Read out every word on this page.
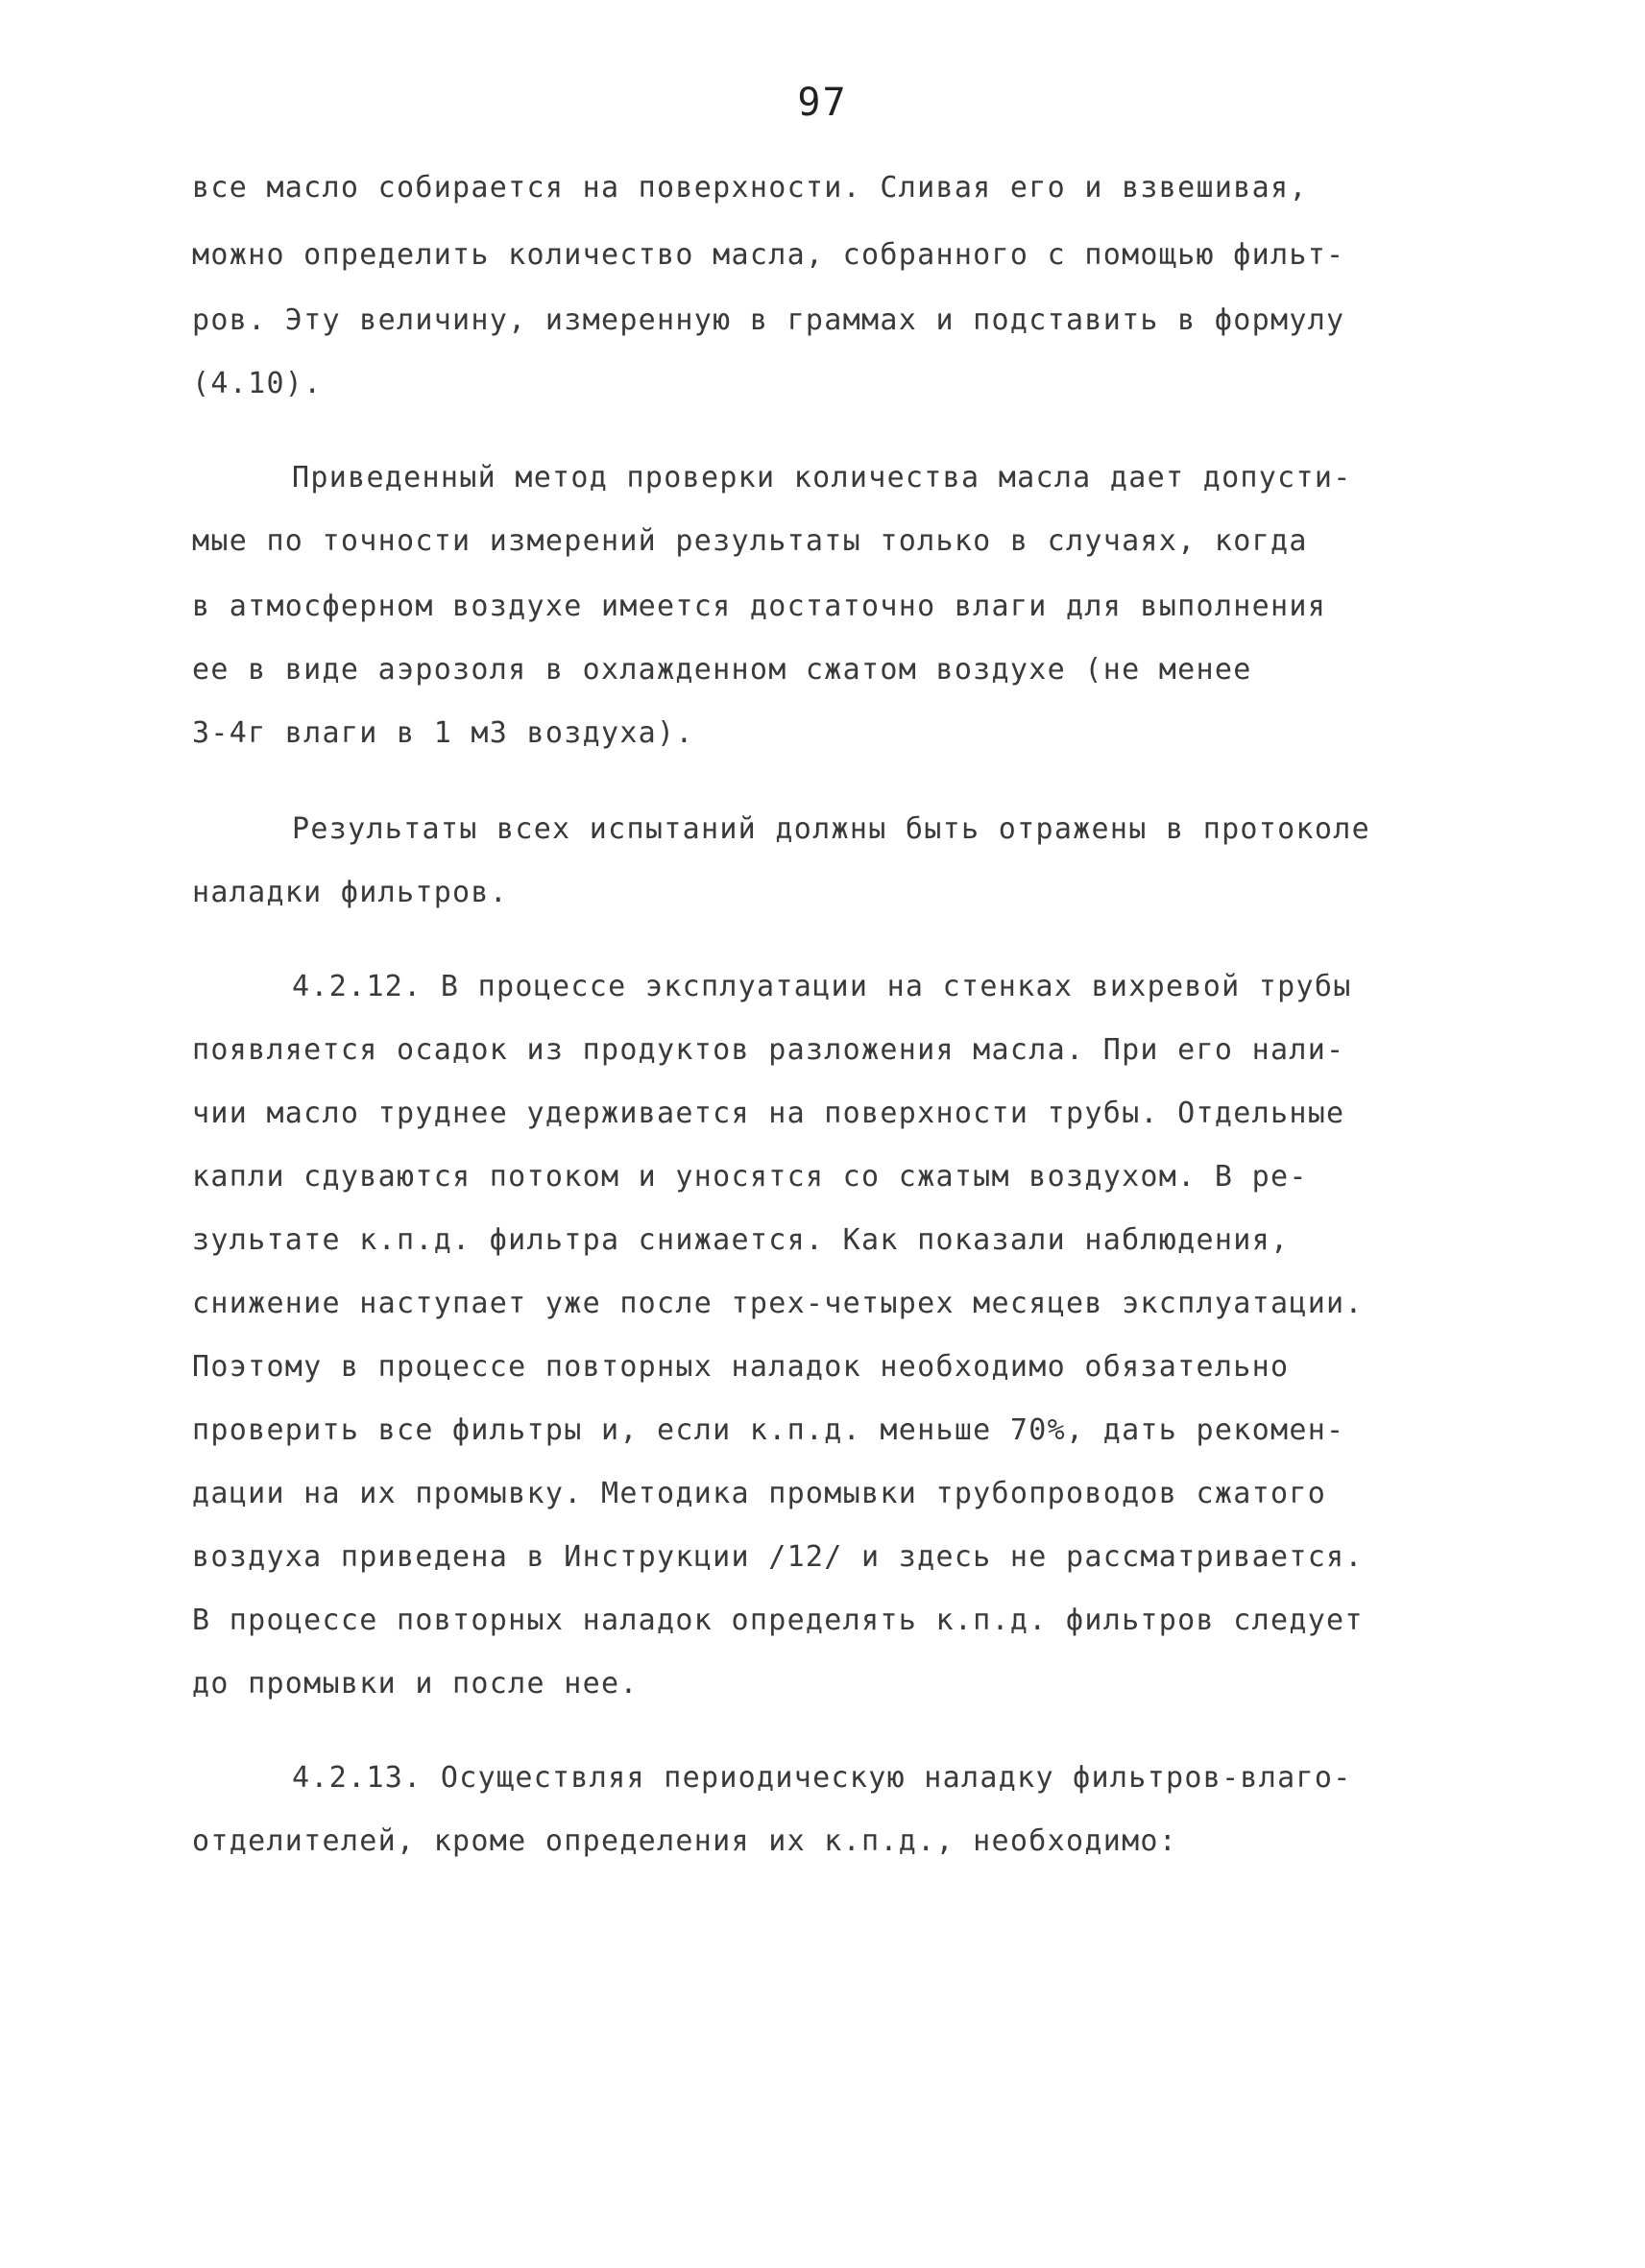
97
все масло собирается на поверхности. Сливая его и взвешивая,
можно определить количество масла, собранного с помощью фильт-
ров. Эту величину, измеренную в граммах и подставить в формулу
(4.10).
Приведенный метод проверки количества масла дает допусти-
мые по точности измерений результаты только в случаях, когда
в атмосферном воздухе имеется достаточно влаги для выполнения
ее в виде аэрозоля в охлажденном сжатом воздухе (не менее
3-4г влаги в 1 м3 воздуха).
Результаты всех испытаний должны быть отражены в протоколе
наладки фильтров.
4.2.12. В процессе эксплуатации на стенках вихревой трубы
появляется осадок из продуктов разложения масла. При его нали-
чии масло труднее удерживается на поверхности трубы. Отдельные
капли сдуваются потоком и уносятся со сжатым воздухом. В ре-
зультате к.п.д. фильтра снижается. Как показали наблюдения,
снижение наступает уже после трех-четырех месяцев эксплуатации.
Поэтому в процессе повторных наладок необходимо обязательно
проверить все фильтры и, если к.п.д. меньше 70%, дать рекомен-
дации на их промывку. Методика промывки трубопроводов сжатого
воздуха приведена в Инструкции /12/ и здесь не рассматривается.
В процессе повторных наладок определять к.п.д. фильтров следует
до промывки и после нее.
4.2.13. Осуществляя периодическую наладку фильтров-влаго-
отделителей, кроме определения их к.п.д., необходимо:
